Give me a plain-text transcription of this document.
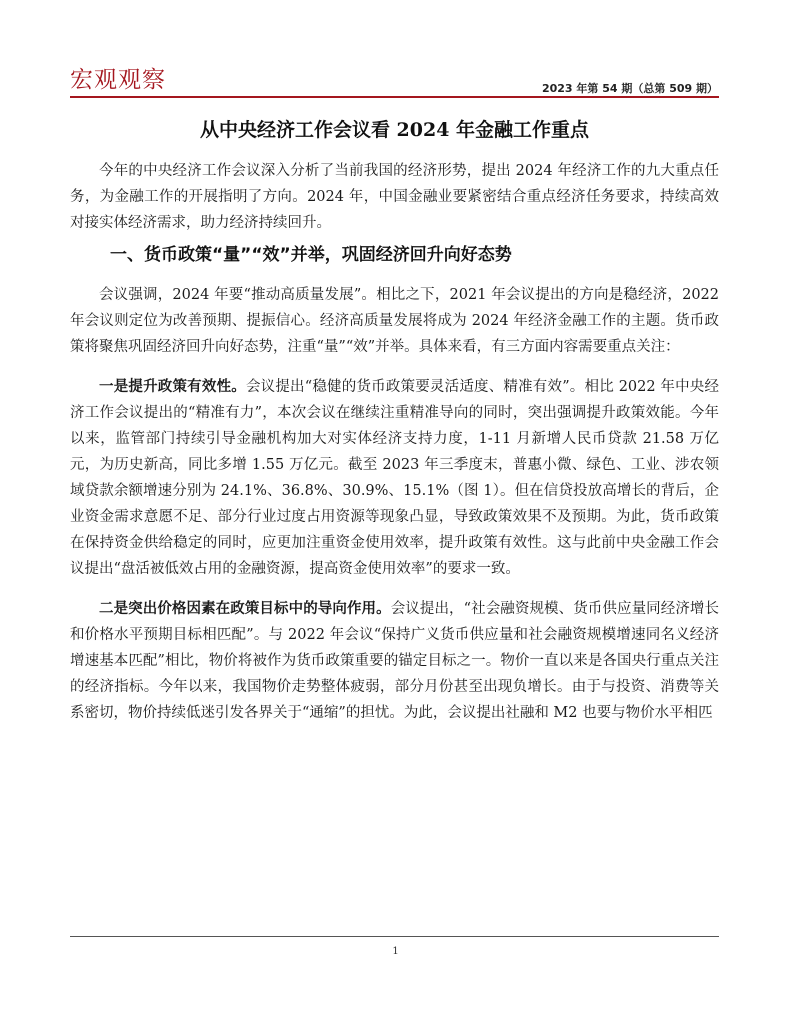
宏观观察	2023 年第 54 期（总第 509 期）
从中央经济工作会议看 2024 年金融工作重点

今年的中央经济工作会议深入分析了当前我国的经济形势，提出 2024 年经济工作的九大重点任务，为金融工作的开展指明了方向。2024 年，中国金融业要紧密结合重点经济任务要求，持续高效对接实体经济需求，助力经济持续回升。

一、货币政策“量”“效”并举，巩固经济回升向好态势

会议强调，2024 年要“推动高质量发展”。相比之下，2021 年会议提出的方向是稳经济，2022 年会议则定位为改善预期、提振信心。经济高质量发展将成为 2024 年经济金融工作的主题。货币政策将聚焦巩固经济回升向好态势，注重“量”“效”并举。具体来看，有三方面内容需要重点关注：

一是提升政策有效性。会议提出“稳健的货币政策要灵活适度、精准有效”。相比 2022 年中央经济工作会议提出的“精准有力”，本次会议在继续注重精准导向的同时，突出强调提升政策效能。今年以来，监管部门持续引导金融机构加大对实体经济支持力度，1-11 月新增人民币贷款 21.58 万亿元，为历史新高，同比多增 1.55 万亿元。截至 2023 年三季度末，普惠小微、绿色、工业、涉农领域贷款余额增速分别为 24.1%、36.8%、30.9%、15.1%（图 1）。但在信贷投放高增长的背后，企业资金需求意愿不足、部分行业过度占用资源等现象凸显，导致政策效果不及预期。为此，货币政策在保持资金供给稳定的同时，应更加注重资金使用效率，提升政策有效性。这与此前中央金融工作会议提出“盘活被低效占用的金融资源，提高资金使用效率”的要求一致。

二是突出价格因素在政策目标中的导向作用。会议提出，“社会融资规模、货币供应量同经济增长和价格水平预期目标相匹配”。与 2022 年会议“保持广义货币供应量和社会融资规模增速同名义经济增速基本匹配”相比，物价将被作为货币政策重要的锚定目标之一。物价一直以来是各国央行重点关注的经济指标。今年以来，我国物价走势整体疲弱，部分月份甚至出现负增长。由于与投资、消费等关系密切，物价持续低迷引发各界关于“通缩”的担忧。为此，会议提出社融和 M2 也要与物价水平相匹

1
